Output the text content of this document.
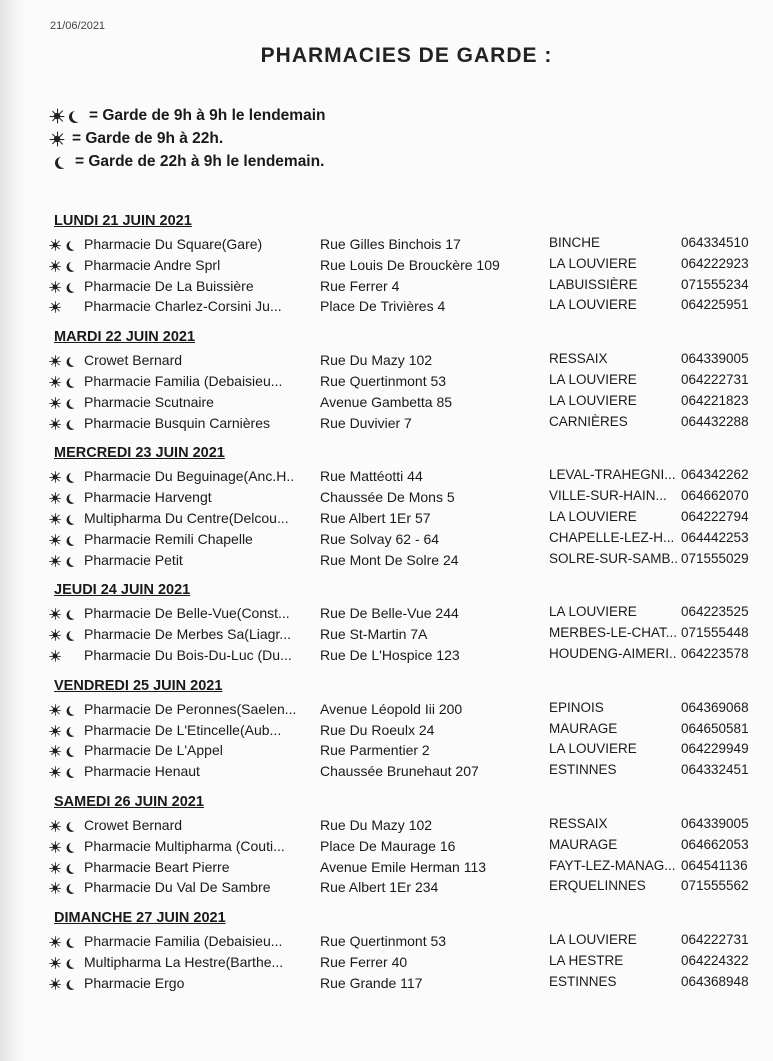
21/06/2021
PHARMACIES DE GARDE :
= Garde de 9h à 9h le lendemain
= Garde de 9h à 22h.
= Garde de 22h à 9h le lendemain.
LUNDI 21 JUIN 2021
Pharmacie Du Square(Gare)	Rue Gilles Binchois 17	BINCHE	064334510
Pharmacie Andre Sprl	Rue Louis De Brouckère 109	LA LOUVIERE	064222923
Pharmacie De La Buissière	Rue Ferrer 4	LABUISSIÈRE	071555234
Pharmacie Charlez-Corsini Ju...	Place De Trivières 4	LA LOUVIERE	064225951
MARDI 22 JUIN 2021
Crowet Bernard	Rue Du Mazy 102	RESSAIX	064339005
Pharmacie Familia (Debaisieu...	Rue Quertinmont 53	LA LOUVIERE	064222731
Pharmacie Scutnaire	Avenue Gambetta 85	LA LOUVIERE	064221823
Pharmacie Busquin Carnières	Rue Duvivier 7	CARNIÈRES	064432288
MERCREDI 23 JUIN 2021
Pharmacie Du Beguinage(Anc.H.. Rue Mattéotti 44	LEVAL-TRAHEGNI... 064342262
Pharmacie Harvengt	Chaussée De Mons 5	VILLE-SUR-HAIN... 064662070
Multipharma Du Centre(Delcou... Rue Albert 1Er 57	LA LOUVIERE	064222794
Pharmacie Remili Chapelle	Rue Solvay 62 - 64	CHAPELLE-LEZ-H... 064442253
Pharmacie Petit	Rue Mont De Solre 24	SOLRE-SUR-SAMB.. 071555029
JEUDI 24 JUIN 2021
Pharmacie De Belle-Vue(Const... Rue De Belle-Vue 244	LA LOUVIERE	064223525
Pharmacie De Merbes Sa(Liagr... Rue St-Martin 7A	MERBES-LE-CHAT... 071555448
Pharmacie Du Bois-Du-Luc (Du... Rue De L'Hospice 123	HOUDENG-AIMERI.. 064223578
VENDREDI 25 JUIN 2021
Pharmacie De Peronnes(Saelen... Avenue Léopold Iii 200	EPINOIS	064369068
Pharmacie De L'Etincelle(Aub...	Rue Du Roeulx 24	MAURAGE	064650581
Pharmacie De L'Appel	Rue Parmentier 2	LA LOUVIERE	064229949
Pharmacie Henaut	Chaussée Brunehaut 207	ESTINNES	064332451
SAMEDI 26 JUIN 2021
Crowet Bernard	Rue Du Mazy 102	RESSAIX	064339005
Pharmacie Multipharma (Couti...	Place De Maurage 16	MAURAGE	064662053
Pharmacie Beart Pierre	Avenue Emile Herman 113	FAYT-LEZ-MANAG... 064541136
Pharmacie Du Val De Sambre	Rue Albert 1Er 234	ERQUELINNES	071555562
DIMANCHE 27 JUIN 2021
Pharmacie Familia (Debaisieu...	Rue Quertinmont 53	LA LOUVIERE	064222731
Multipharma La Hestre(Barthe...	Rue Ferrer 40	LA HESTRE	064224322
Pharmacie Ergo	Rue Grande 117	ESTINNES	064368948
